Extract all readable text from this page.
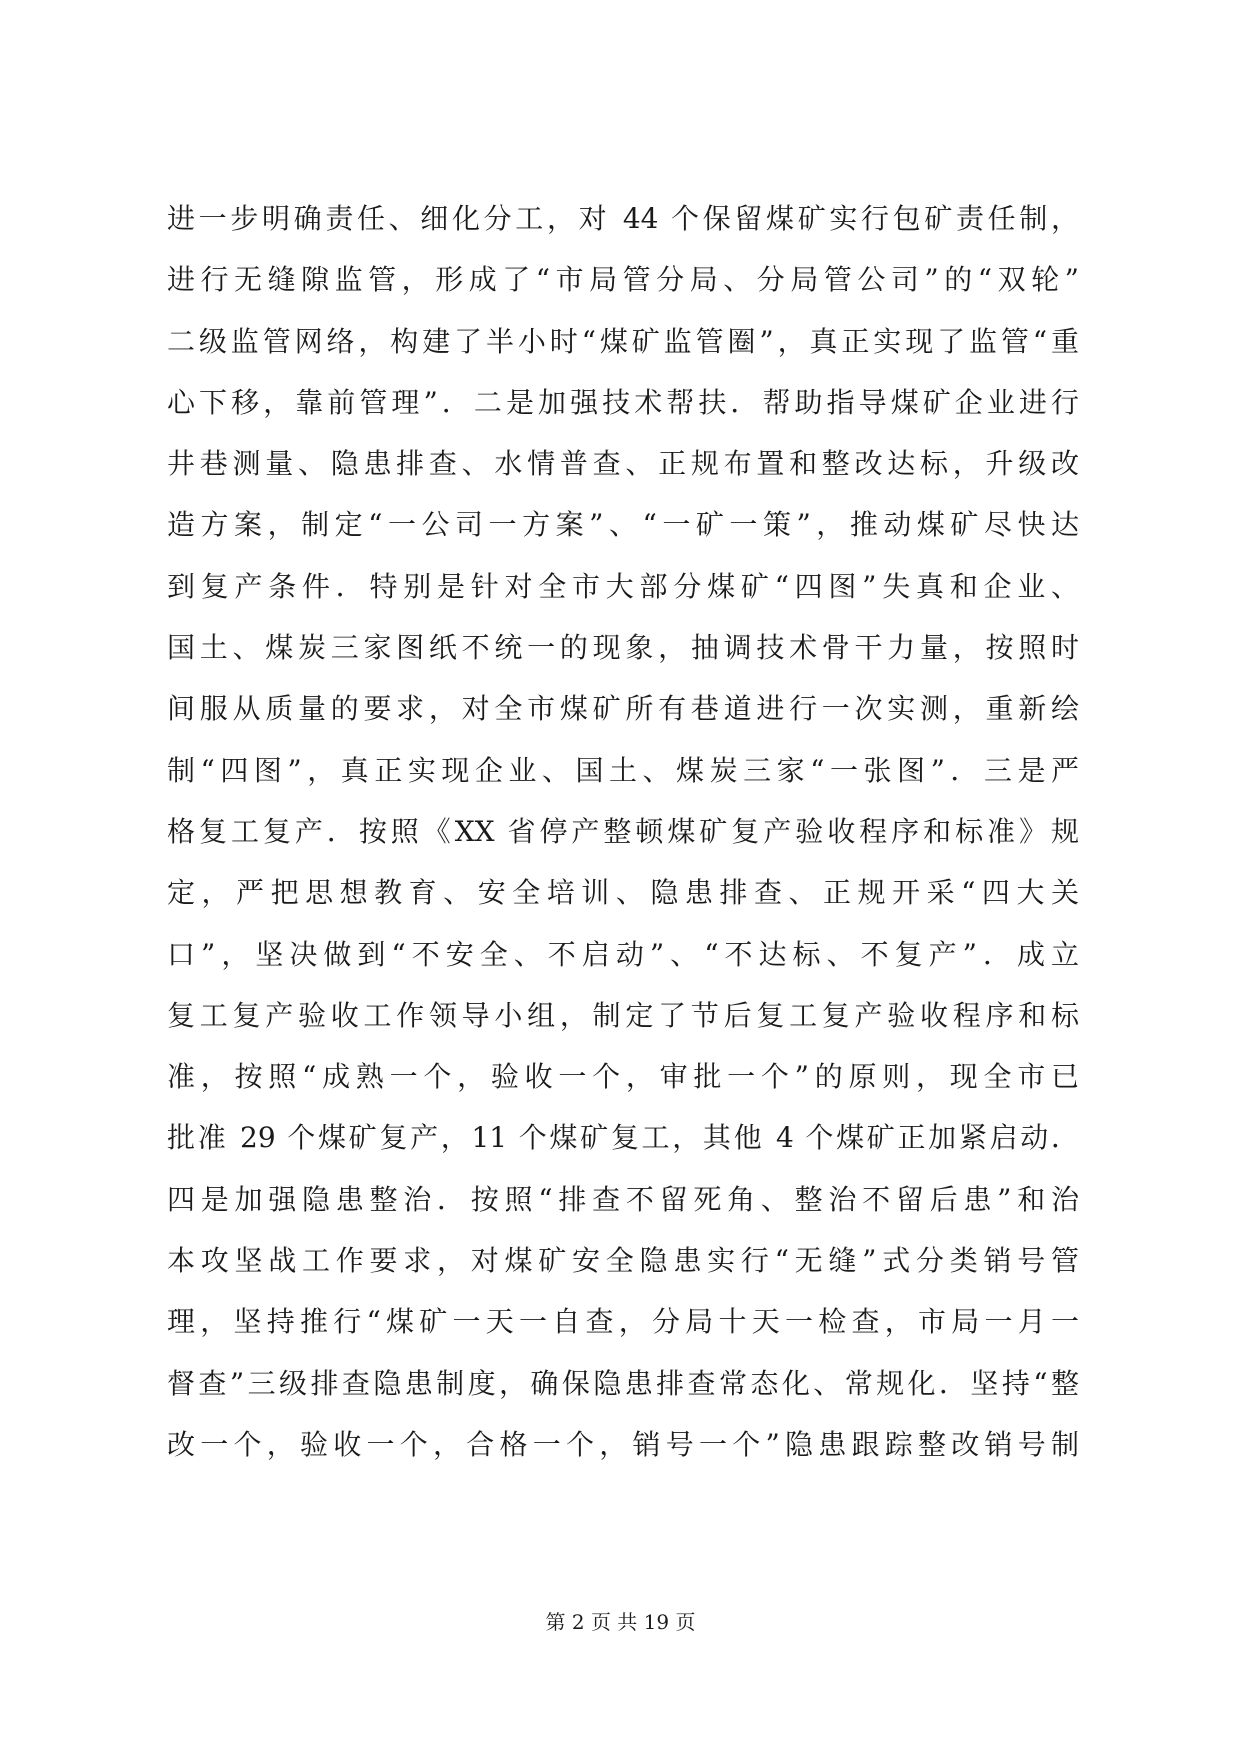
进一步明确责任、细化分工，对 44 个保留煤矿实行包矿责任制，
进行无缝隙监管，形成了“市局管分局、分局管公司”的“双轮”
二级监管网络，构建了半小时“煤矿监管圈”，真正实现了监管“重
心下移，靠前管理”．二是加强技术帮扶．帮助指导煤矿企业进行
井巷测量、隐患排查、水情普查、正规布置和整改达标，升级改
造方案，制定“一公司一方案”、“一矿一策”，推动煤矿尽快达
到复产条件．特别是针对全市大部分煤矿“四图”失真和企业、
国土、煤炭三家图纸不统一的现象，抽调技术骨干力量，按照时
间服从质量的要求，对全市煤矿所有巷道进行一次实测，重新绘
制“四图”，真正实现企业、国土、煤炭三家“一张图”．三是严
格复工复产．按照《XX 省停产整顿煤矿复产验收程序和标准》规
定，严把思想教育、安全培训、隐患排查、正规开采“四大关
口”，坚决做到“不安全、不启动”、“不达标、不复产”．成立
复工复产验收工作领导小组，制定了节后复工复产验收程序和标
准，按照“成熟一个，验收一个，审批一个”的原则，现全市已
批准 29 个煤矿复产，11 个煤矿复工，其他 4 个煤矿正加紧启动．
四是加强隐患整治．按照“排查不留死角、整治不留后患”和治
本攻坚战工作要求，对煤矿安全隐患实行“无缝”式分类销号管
理，坚持推行“煤矿一天一自查，分局十天一检查，市局一月一
督查”三级排查隐患制度，确保隐患排查常态化、常规化．坚持“整
改一个，验收一个，合格一个，销号一个”隐患跟踪整改销号制
第 2 页 共 19 页
